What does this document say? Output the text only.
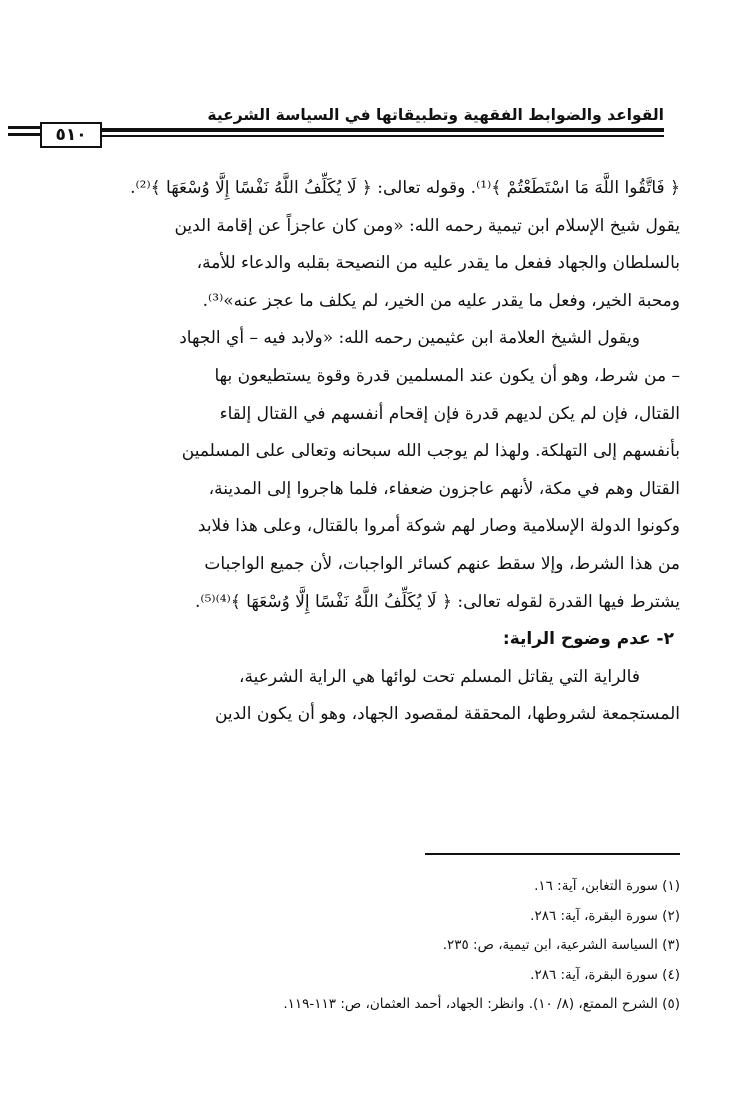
القواعد والضوابط الفقهية وتطبيقاتها في السياسة الشرعية
٥١٠

﴿ فَاتَّقُوا اللَّهَ مَا اسْتَطَعْتُمْ ﴾⁽¹⁾. وقوله تعالى: ﴿ لَا يُكَلِّفُ اللَّهُ نَفْسًا إِلَّا وُسْعَهَا ﴾⁽²⁾.

يقول شيخ الإسلام ابن تيمية رحمه الله: «ومن كان عاجزاً عن إقامة الدين

بالسلطان والجهاد ففعل ما يقدر عليه من النصيحة بقلبه والدعاء للأمة،

ومحبة الخير، وفعل ما يقدر عليه من الخير، لم يكلف ما عجز عنه»⁽³⁾.

ويقول الشيخ العلامة ابن عثيمين رحمه الله: «ولابد فيه – أي الجهاد

– من شرط، وهو أن يكون عند المسلمين قدرة وقوة يستطيعون بها

القتال، فإن لم يكن لديهم قدرة فإن إقحام أنفسهم في القتال إلقاء

بأنفسهم إلى التهلكة. ولهذا لم يوجب الله سبحانه وتعالى على المسلمين

القتال وهم في مكة، لأنهم عاجزون ضعفاء، فلما هاجروا إلى المدينة،

وكونوا الدولة الإسلامية وصار لهم شوكة أمروا بالقتال، وعلى هذا فلابد

من هذا الشرط، وإلا سقط عنهم كسائر الواجبات، لأن جميع الواجبات

يشترط فيها القدرة لقوله تعالى: ﴿ لَا يُكَلِّفُ اللَّهُ نَفْسًا إِلَّا وُسْعَهَا ﴾⁽⁴⁾⁽⁵⁾.

٢- عدم وضوح الراية:

فالراية التي يقاتل المسلم تحت لوائها هي الراية الشرعية،

المستجمعة لشروطها، المحققة لمقصود الجهاد، وهو أن يكون الدين

(١) سورة التغابن، آية: ١٦.
(٢) سورة البقرة، آية: ٢٨٦.
(٣) السياسة الشرعية، ابن تيمية، ص: ٢٣٥.
(٤) سورة البقرة، آية: ٢٨٦.
(٥) الشرح الممتع، (٨/ ١٠). وانظر: الجهاد، أحمد العثمان، ص: ١١٣-١١٩.
